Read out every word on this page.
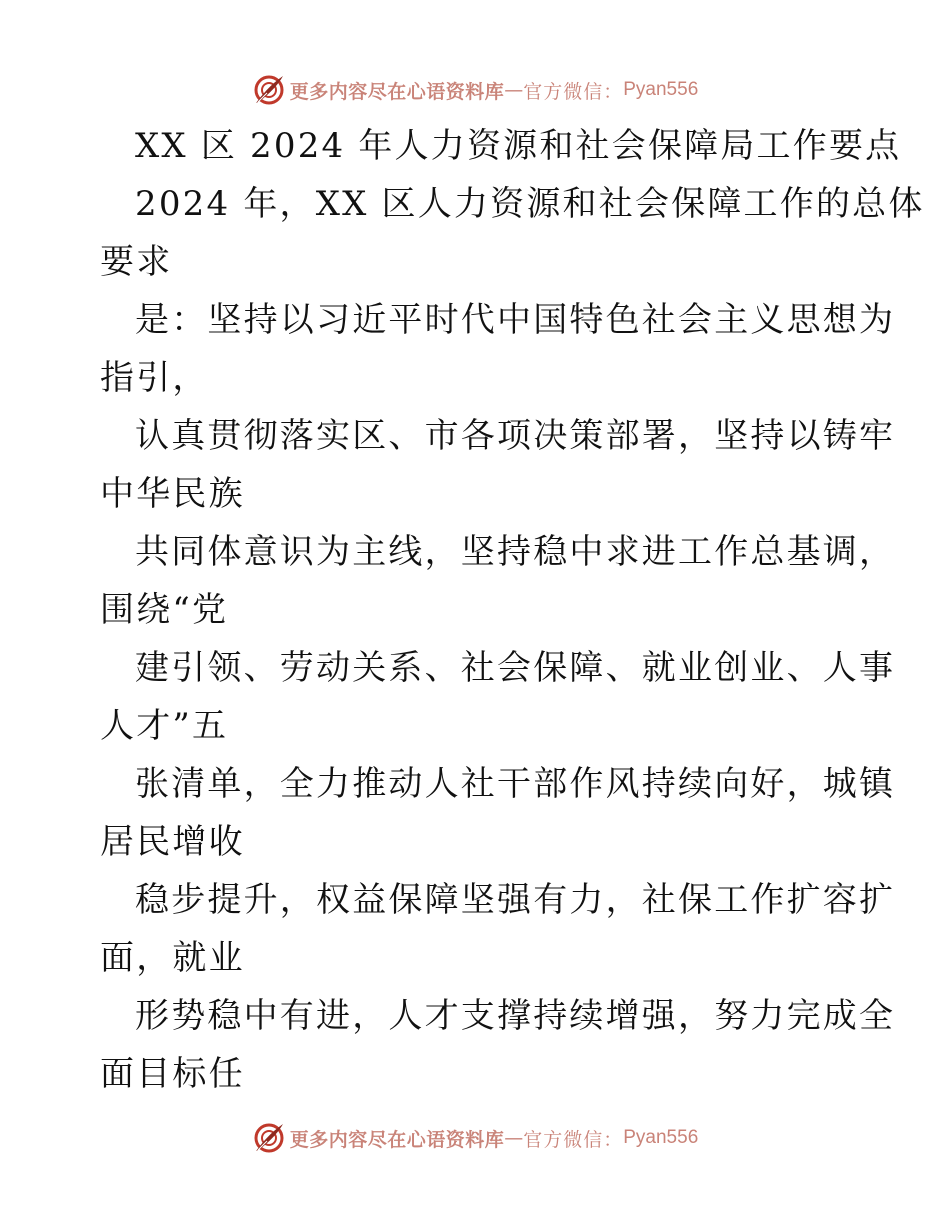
更多内容尽在心语资料库 — 官方微信： Pyan556
XX 区 2024 年人力资源和社会保障局工作要点
2024 年，XX 区人力资源和社会保障工作的总体
要求
是：坚持以习近平时代中国特色社会主义思想为
指引，
认真贯彻落实区、市各项决策部署，坚持以铸牢
中华民族
共同体意识为主线，坚持稳中求进工作总基调，
围绕“党
建引领、劳动关系、社会保障、就业创业、人事
人才”五
张清单，全力推动人社干部作风持续向好，城镇
居民增收
稳步提升，权益保障坚强有力，社保工作扩容扩
面，就业
形势稳中有进，人才支撑持续增强，努力完成全
面目标任
更多内容尽在心语资料库 — 官方微信： Pyan556
